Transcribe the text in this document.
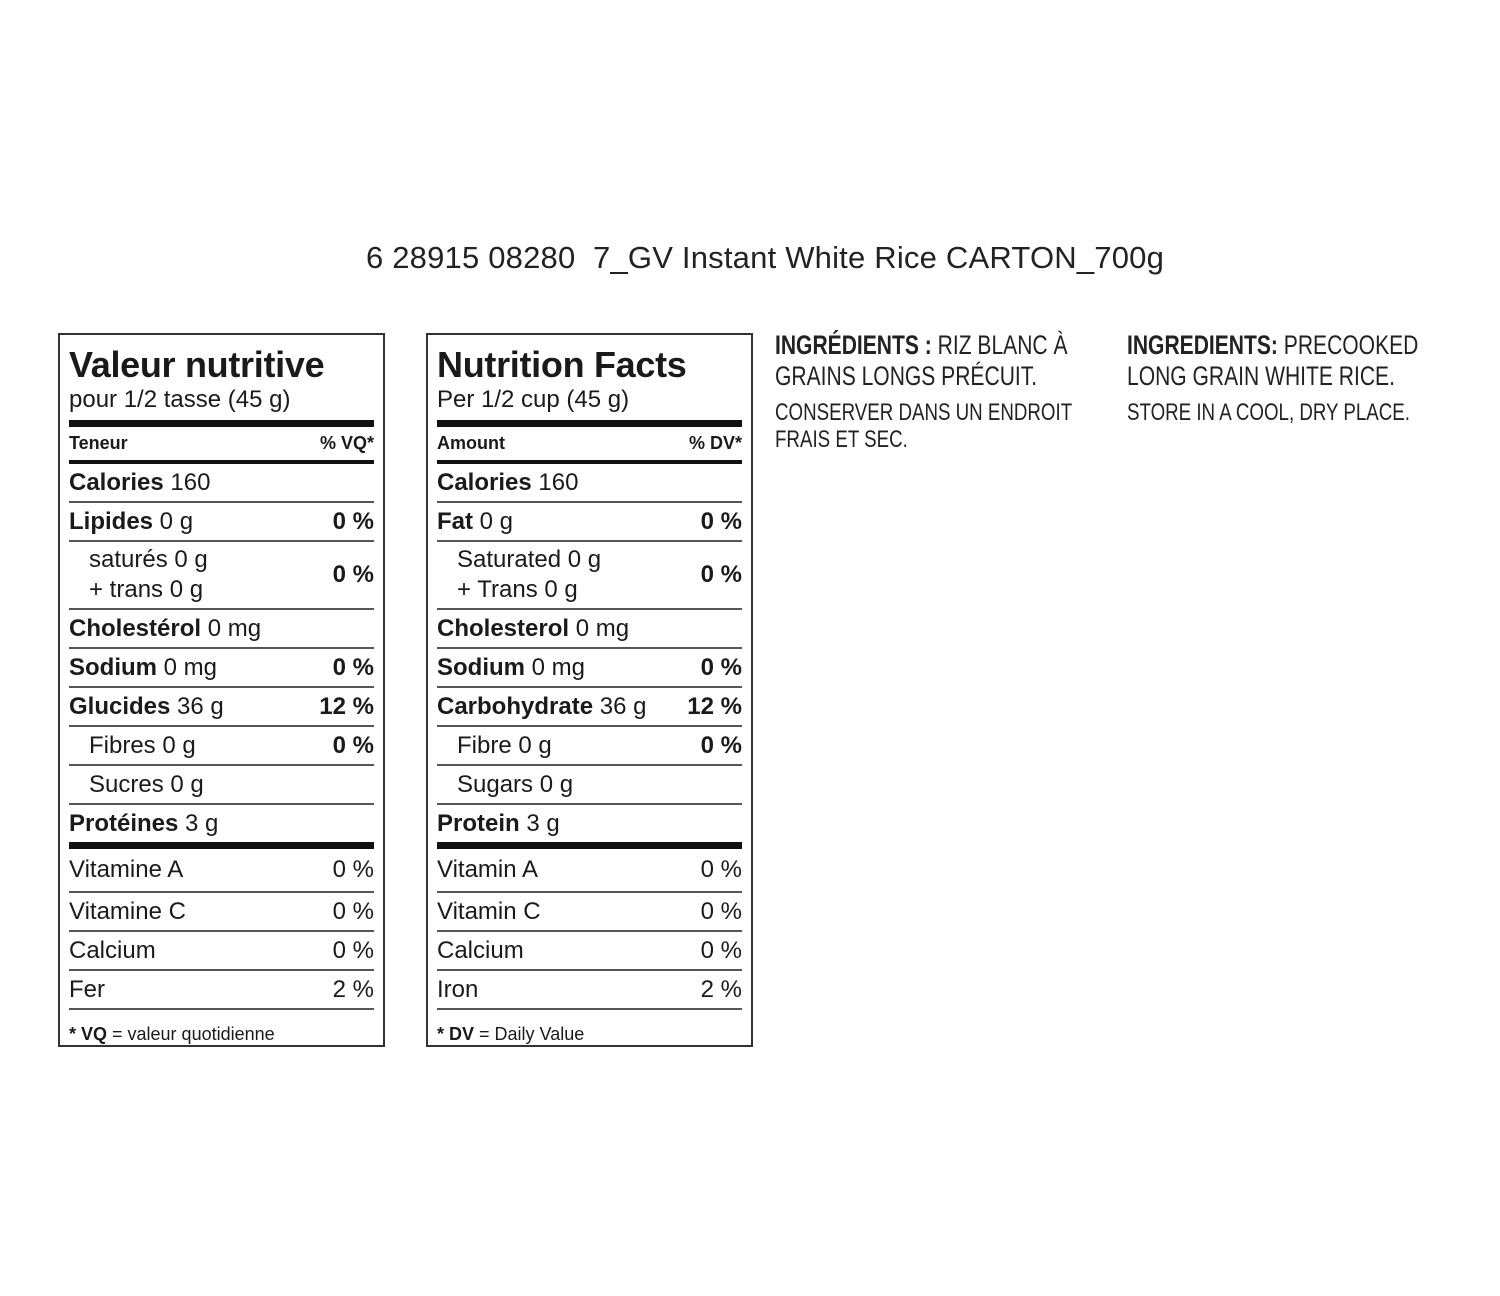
6 28915 08280  7_GV Instant White Rice CARTON_700g
Valeur nutritive
pour 1/2 tasse (45 g)
Teneur	% VQ*
Calories 160
Lipides 0 g	0 %
saturés 0 g
+ trans 0 g
0 %
Cholestérol 0 mg
Sodium 0 mg	0 %
Glucides 36 g	12 %
Fibres 0 g	0 %
Sucres 0 g
Protéines 3 g
Vitamine A	0 %
Vitamine C	0 %
Calcium	0 %
Fer	2 %
* VQ = valeur quotidienne
Nutrition Facts
Per 1/2 cup (45 g)
Amount	% DV*
Calories 160
Fat 0 g	0 %
Saturated 0 g
+ Trans 0 g
0 %
Cholesterol 0 mg
Sodium 0 mg	0 %
Carbohydrate 36 g 12 %
Fibre 0 g	0 %
Sugars 0 g
Protein 3 g
Vitamin A	0 %
Vitamin C	0 %
Calcium	0 %
Iron	2 %
* DV = Daily Value
INGRÉDIENTS : RIZ BLANC À GRAINS LONGS PRÉCUIT.
CONSERVER DANS UN ENDROIT FRAIS ET SEC.
INGREDIENTS: PRECOOKED LONG GRAIN WHITE RICE.
STORE IN A COOL, DRY PLACE.
